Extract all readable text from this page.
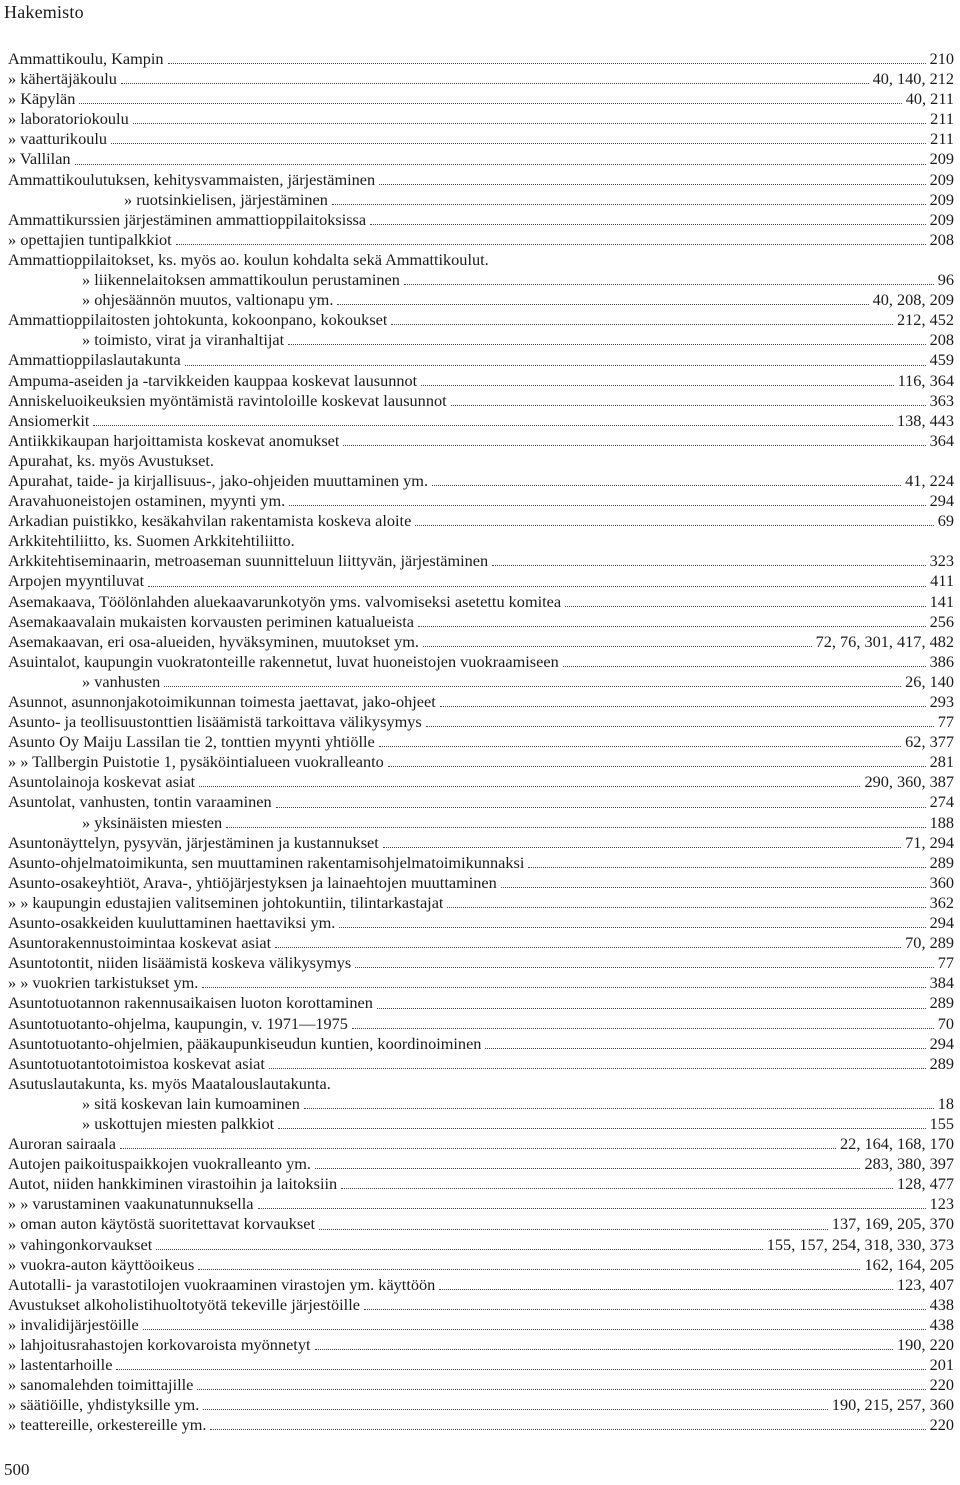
Hakemisto
Ammattikoulu, Kampin	210
» kähertäjäkoulu	40, 140, 212
» Käpylän	40, 211
» laboratoriokoulu	211
» vaatturikoulu	211
» Vallilan	209
Ammattikoulutuksen, kehitysvammaisten, järjestäminen	209
» ruotsinkielisen, järjestäminen	209
Ammattikurssien järjestäminen ammattioppilaitoksissa	209
» opettajien tuntipalkkiot	208
Ammattioppilaitokset, ks. myös ao. koulun kohdalta sekä Ammattikoulut.
» liikennelaitoksen ammattikoulun perustaminen	96
» ohjesäännön muutos, valtionapu ym.	40, 208, 209
Ammattioppilaitosten johtokunta, kokoonpano, kokoukset	212, 452
» toimisto, virat ja viranhaltijat	208
Ammattioppilaslautakunta	459
Ampuma-aseiden ja -tarvikkeiden kauppaa koskevat lausunnot	116, 364
Anniskeluoikeuksien myöntämistä ravintoloille koskevat lausunnot	363
Ansiomerkit	138, 443
Antiikkikaupan harjoittamista koskevat anomukset	364
Apurahat, ks. myös Avustukset.
Apurahat, taide- ja kirjallisuus-, jako-ohjeiden muuttaminen ym.	41, 224
Aravahuoneistojen ostaminen, myynti ym.	294
Arkadian puistikko, kesäkahvilan rakentamista koskeva aloite	69
Arkkitehtiliitto, ks. Suomen Arkkitehtiliitto.
Arkkitehtiseminaarin, metroaseman suunnitteluun liittyvän, järjestäminen	323
Arpojen myyntiluvat	411
Asemakaava, Töölönlahden aluekaavarunkotyön yms. valvomiseksi asetettu komitea	141
Asemakaavalain mukaisten korvausten periminen katualueista	256
Asemakaavan, eri osa-alueiden, hyväksyminen, muutokset ym.	72, 76, 301, 417, 482
Asuintalot, kaupungin vuokratonteille rakennetut, luvat huoneistojen vuokraamiseen	386
» vanhusten	26, 140
Asunnot, asunnonjakotoimikunnan toimesta jaettavat, jako-ohjeet	293
Asunto- ja teollisuustonttien lisäämistä tarkoittava välikysymys	77
Asunto Oy Maiju Lassilan tie 2, tonttien myynti yhtiölle	62, 377
» » Tallbergin Puistotie 1, pysäköintialueen vuokralleanto	281
Asuntolainoja koskevat asiat	290, 360, 387
Asuntolat, vanhusten, tontin varaaminen	274
» yksinäisten miesten	188
Asuntonäyttelyn, pysyvän, järjestäminen ja kustannukset	71, 294
Asunto-ohjelmatoimikunta, sen muuttaminen rakentamisohjelmatoimikunnaksi	289
Asunto-osakeyhtiöt, Arava-, yhtiöjärjestyksen ja lainaehtojen muuttaminen	360
» » kaupungin edustajien valitseminen johtokuntiin, tilintarkastajat	362
Asunto-osakkeiden kuuluttaminen haettaviksi ym.	294
Asuntorakennustoimintaa koskevat asiat	70, 289
Asuntotontit, niiden lisäämistä koskeva välikysymys	77
» » vuokrien tarkistukset ym.	384
Asuntotuotannon rakennusaikaisen luoton korottaminen	289
Asuntotuotanto-ohjelma, kaupungin, v. 1971—1975	70
Asuntotuotanto-ohjelmien, pääkaupunkiseudun kuntien, koordinoiminen	294
Asuntotuotantotoimistoa koskevat asiat	289
Asutuslautakunta, ks. myös Maatalouslautakunta.
» sitä koskevan lain kumoaminen	18
» uskottujen miesten palkkiot	155
Auroran sairaala	22, 164, 168, 170
Autojen paikoituspaikkojen vuokralleanto ym.	283, 380, 397
Autot, niiden hankkiminen virastoihin ja laitoksiin	128, 477
» » varustaminen vaakunatunnuksella	123
» oman auton käytöstä suoritettavat korvaukset	137, 169, 205, 370
» vahingonkorvaukset	155, 157, 254, 318, 330, 373
» vuokra-auton käyttöoikeus	162, 164, 205
Autotalli- ja varastotilojen vuokraaminen virastojen ym. käyttöön	123, 407
Avustukset alkoholistihuoltotyötä tekeville järjestöille	438
» invalidijärjestöille	438
» lahjoitusrahastojen korkovaroista myönnetyt	190, 220
» lastentarhoille	201
» sanomalehden toimittajille	220
» säätiöille, yhdistyksille ym.	190, 215, 257, 360
» teattereille, orkestereille ym.	220
500
